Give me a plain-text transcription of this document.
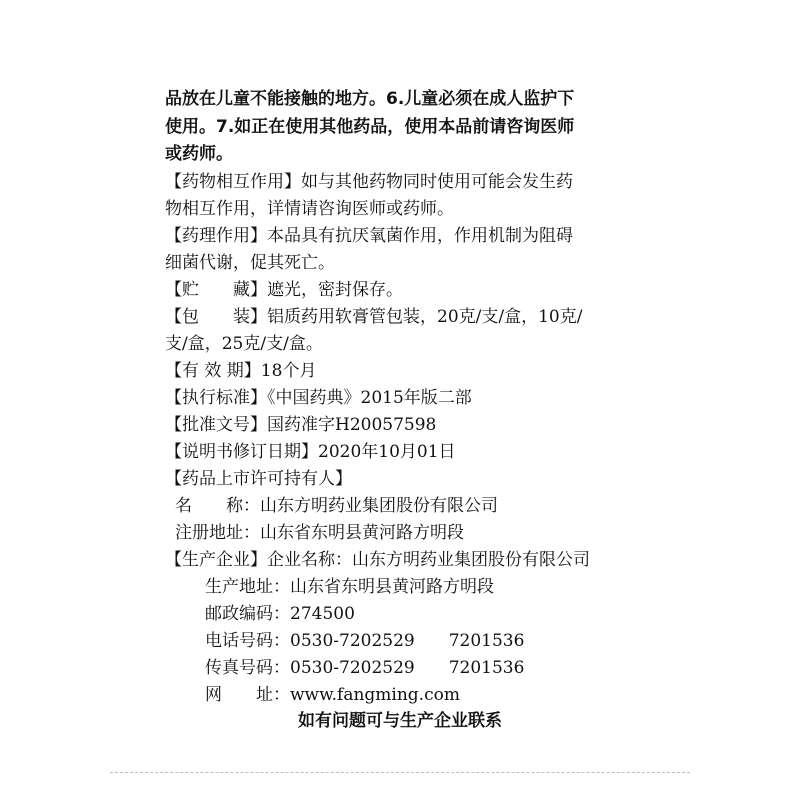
品放在儿童不能接触的地方。6.儿童必须在成人监护下
使用。7.如正在使用其他药品，使用本品前请咨询医师
或药师。
【药物相互作用】如与其他药物同时使用可能会发生药
物相互作用，详情请咨询医师或药师。
【药理作用】本品具有抗厌氧菌作用，作用机制为阻碍
细菌代谢，促其死亡。
【贮　　藏】遮光，密封保存。
【包　　装】铝质药用软膏管包装，20克/支/盒，10克/
支/盒，25克/支/盒。
【有 效 期】18个月
【执行标准】《中国药典》2015年版二部
【批准文号】国药准字H20057598
【说明书修订日期】2020年10月01日
【药品上市许可持有人】
名　　称：山东方明药业集团股份有限公司
注册地址：山东省东明县黄河路方明段
【生产企业】企业名称：山东方明药业集团股份有限公司
生产地址：山东省东明县黄河路方明段
邮政编码：274500
电话号码：0530-7202529　　7201536
传真号码：0530-7202529　　7201536
网　　址：www.fangming.com
如有问题可与生产企业联系
